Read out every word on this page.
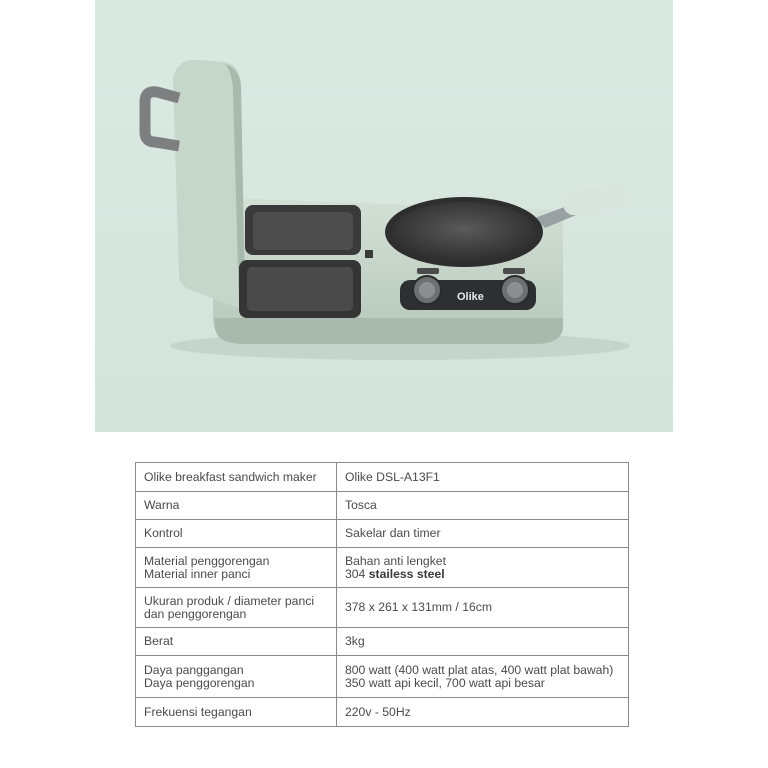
Olike
Olike breakfast sandwich maker	Olike DSL-A13F1

Warna	Tosca

Kontrol	Sakelar dan timer

Material penggorengan
Material inner panci	Bahan anti lengket
304 stailess steel

Ukuran produk / diameter panci
dan penggorengan	378 x 261 x 131mm / 16cm

Berat	3kg

Daya panggangan
Daya penggorengan	800 watt (400 watt plat atas, 400 watt plat bawah)
350 watt api kecil, 700 watt api besar

Frekuensi tegangan	220v - 50Hz
